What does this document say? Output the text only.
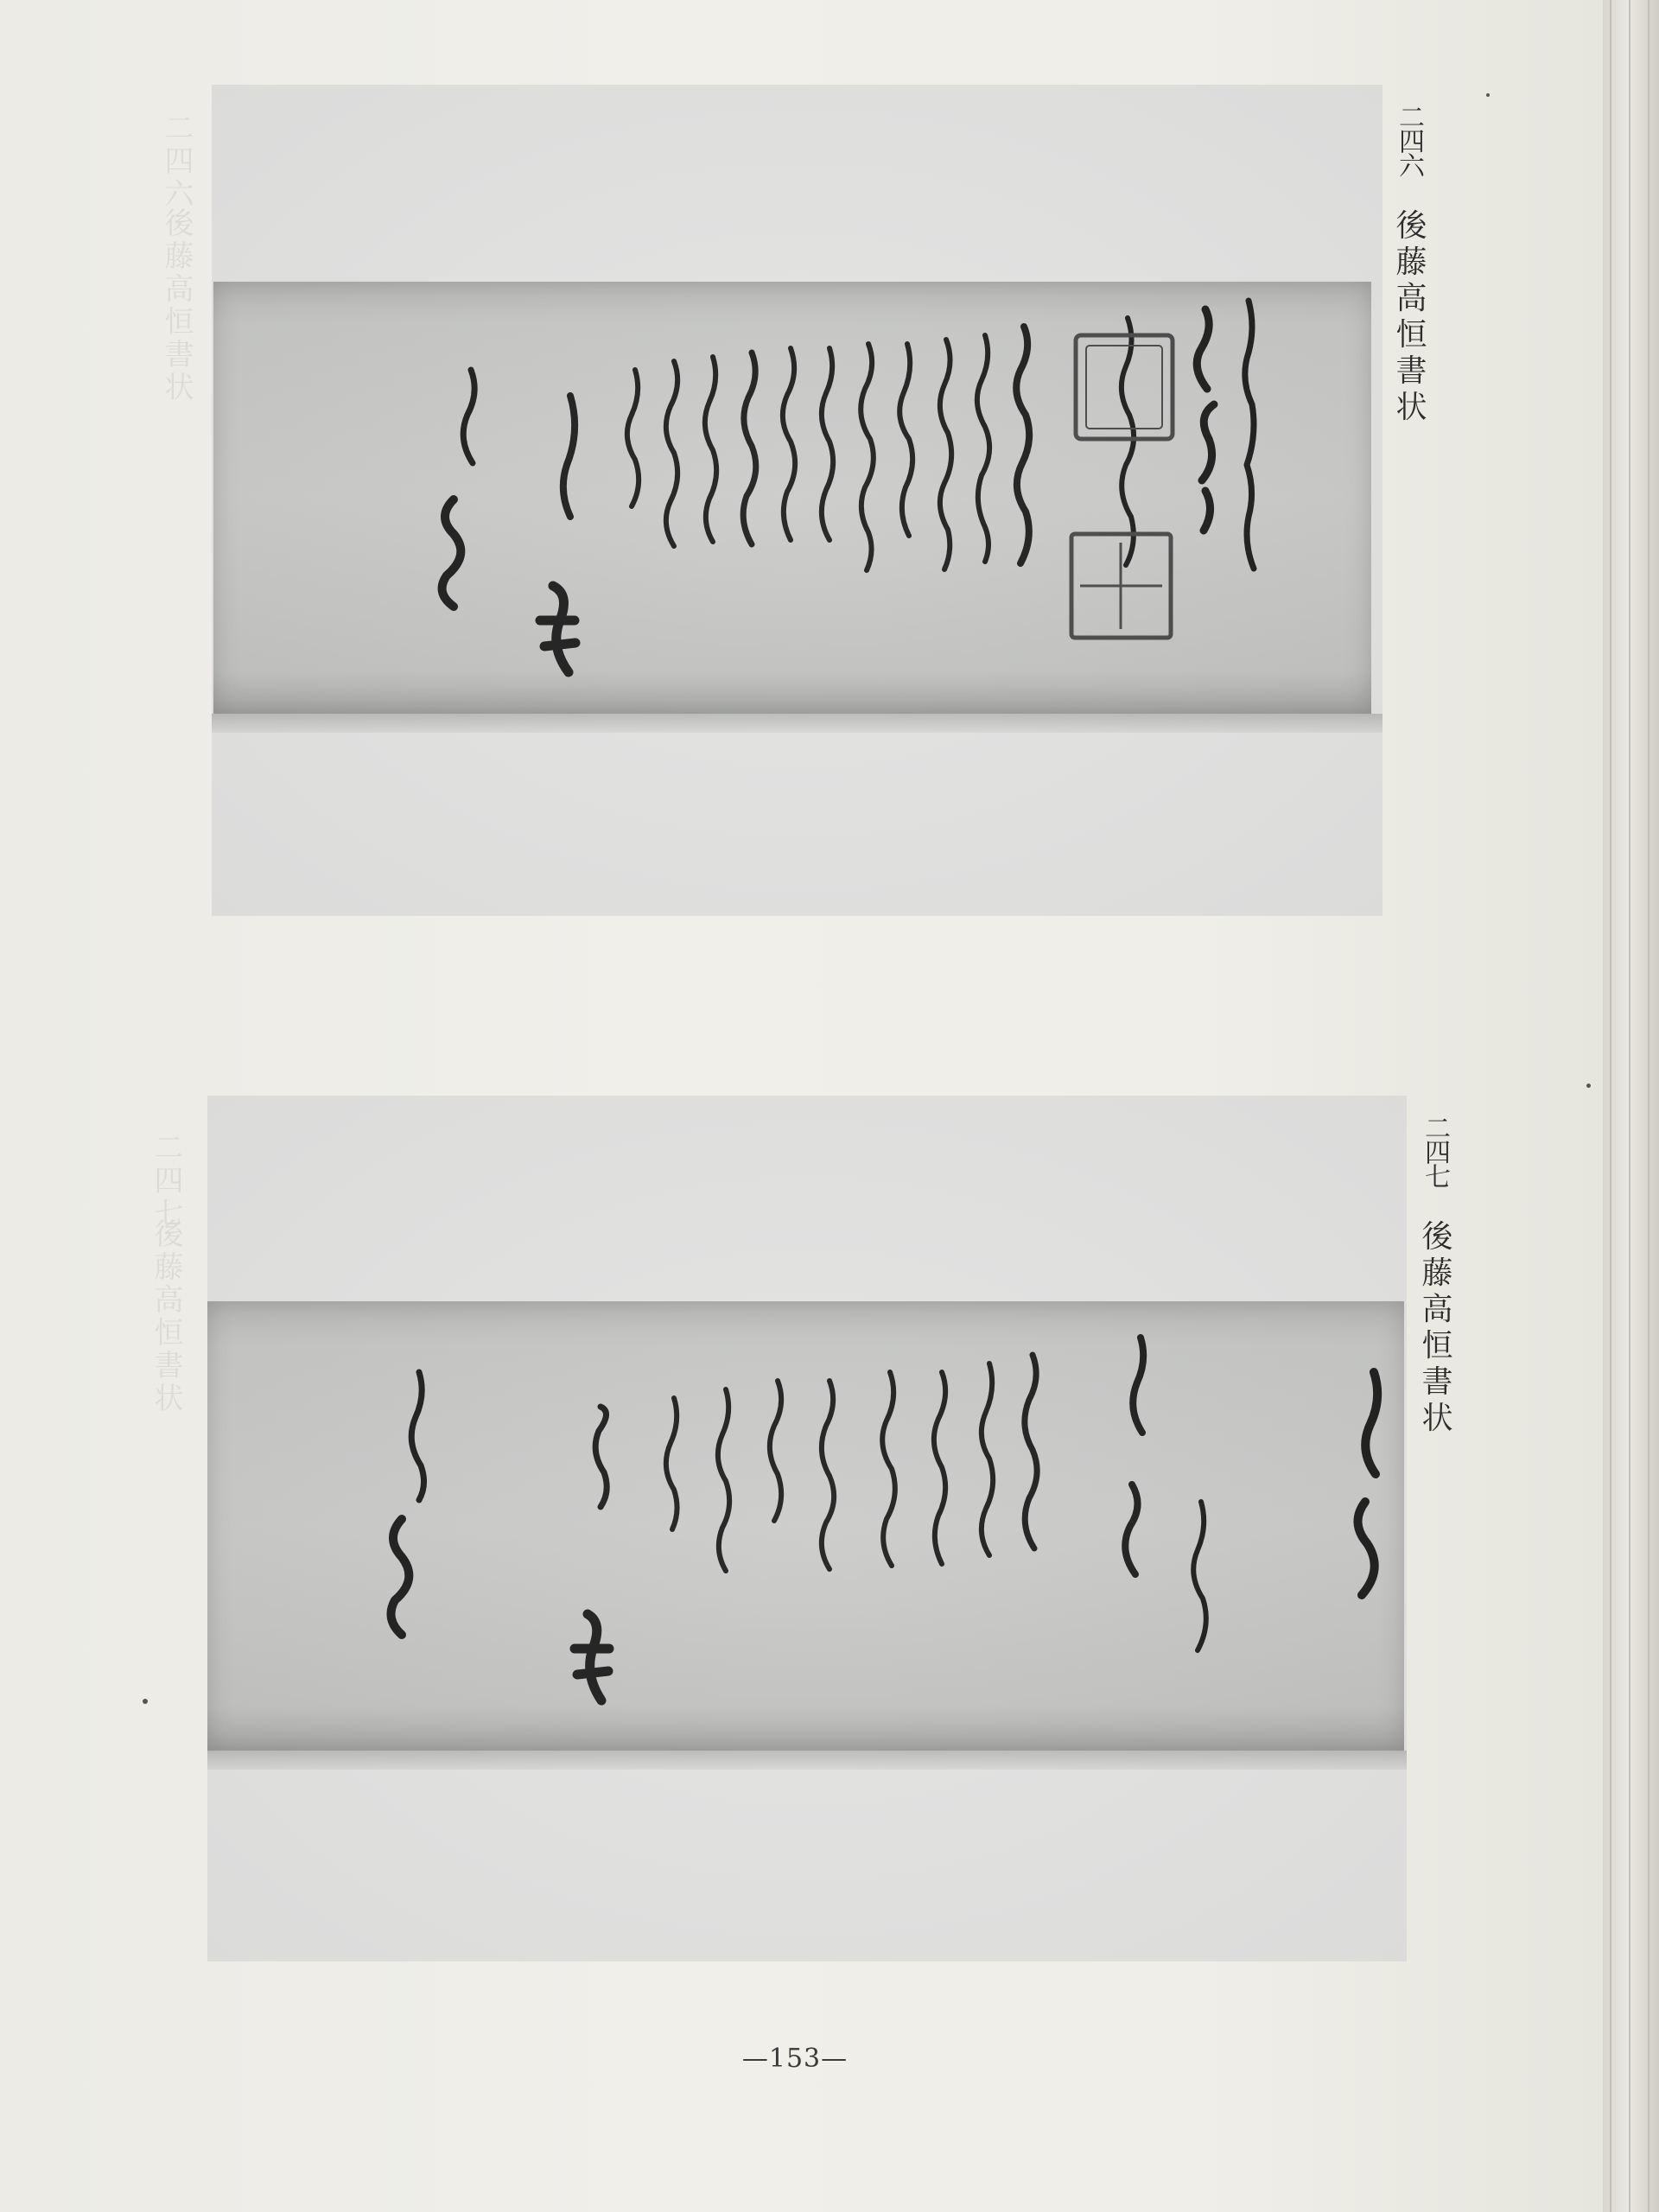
二四六
後藤高恒書状
二四七
後藤高恒書状
二四六 後藤高恒書状
二四七 後藤高恒書状
—153—
